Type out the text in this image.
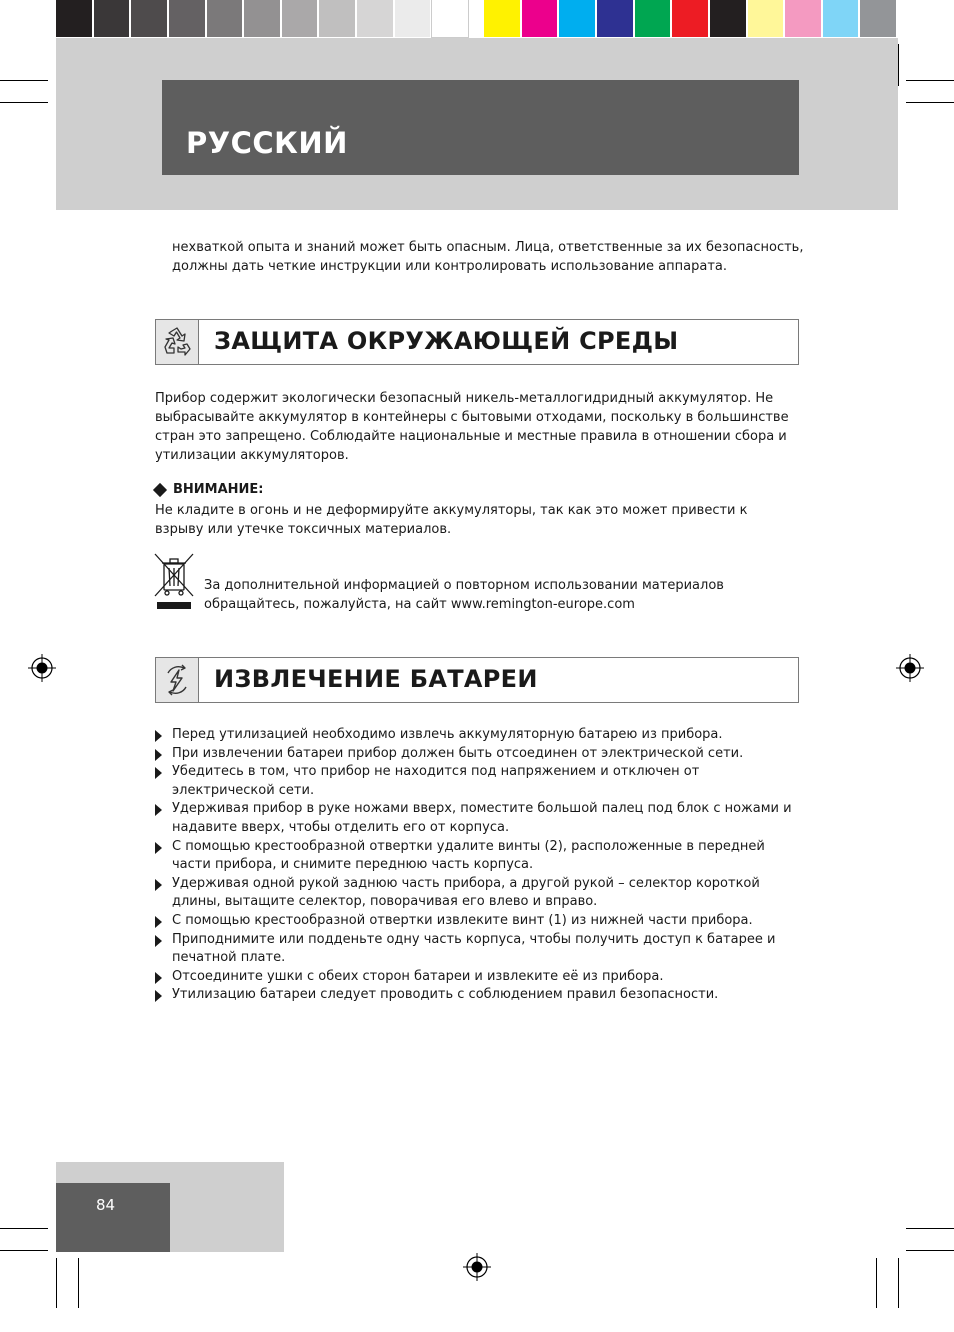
РУССКИЙ
нехваткой опыта и знаний может быть опасным. Лица, ответственные за их безопасность, должны дать четкие инструкции или контролировать использование аппарата.
ЗАЩИТА ОКРУЖАЮЩЕЙ СРЕДЫ
Прибор содержит экологически безопасный никель-металлогидридный аккумулятор. Не выбрасывайте аккумулятор в контейнеры с бытовыми отходами, поскольку в большинстве стран это запрещено. Соблюдайте национальные и местные правила в отношении сбора и утилизации аккумуляторов.
ВНИМАНИЕ:
Не кладите в огонь и не деформируйте аккумуляторы, так как это может привести к взрыву или утечке токсичных материалов.
За дополнительной информацией о повторном использовании материалов обращайтесь, пожалуйста, на сайт www.remington-europe.com
ИЗВЛЕЧЕНИЕ БАТАРЕИ
Перед утилизацией необходимо извлечь аккумуляторную батарею из прибора.
При извлечении батареи прибор должен быть отсоединен от электрической сети.
Убедитесь в том, что прибор не находится под напряжением и отключен от электрической сети.
Удерживая прибор в руке ножами вверх, поместите большой палец под блок с ножами и надавите вверх, чтобы отделить его от корпуса.
С помощью крестообразной отвертки удалите винты (2), расположенные в передней части прибора, и снимите переднюю часть корпуса.
Удерживая одной рукой заднюю часть прибора, а другой рукой – селектор короткой длины, вытащите селектор, поворачивая его влево и вправо.
С помощью крестообразной отвертки извлеките винт (1) из нижней части прибора.
Приподнимите или подденьте одну часть корпуса, чтобы получить доступ к батарее и печатной плате.
Отсоедините ушки с обеих сторон батареи и извлеките её из прибора.
Утилизацию батареи следует проводить с соблюдением правил безопасности.
84
